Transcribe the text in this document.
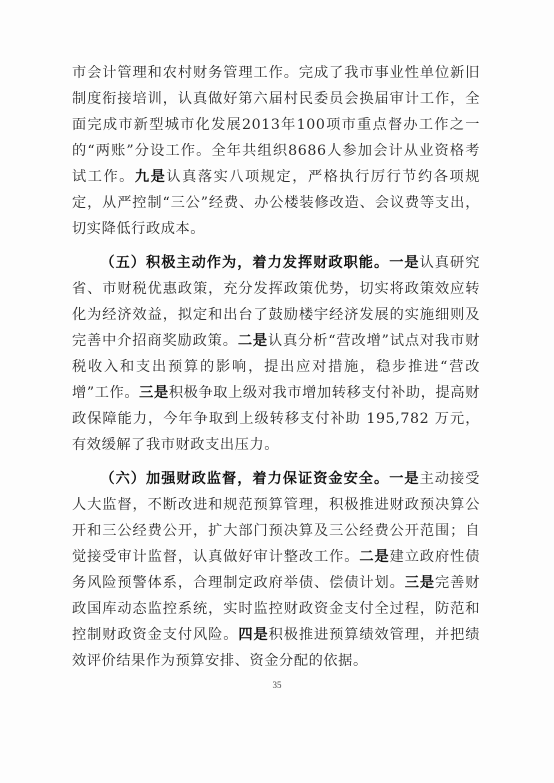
市会计管理和农村财务管理工作。完成了我市事业性单位新旧制度衔接培训，认真做好第六届村民委员会换届审计工作，全面完成市新型城市化发展2013年100项市重点督办工作之一的“两账”分设工作。全年共组织8686人参加会计从业资格考试工作。九是认真落实八项规定，严格执行厉行节约各项规定，从严控制“三公”经费、办公楼装修改造、会议费等支出，切实降低行政成本。

（五）积极主动作为，着力发挥财政职能。一是认真研究省、市财税优惠政策，充分发挥政策优势，切实将政策效应转化为经济效益，拟定和出台了鼓励楼宇经济发展的实施细则及完善中介招商奖励政策。二是认真分析“营改增”试点对我市财税收入和支出预算的影响，提出应对措施，稳步推进“营改增”工作。三是积极争取上级对我市增加转移支付补助，提高财政保障能力，今年争取到上级转移支付补助 195,782 万元，有效缓解了我市财政支出压力。

（六）加强财政监督，着力保证资金安全。一是主动接受人大监督，不断改进和规范预算管理，积极推进财政预决算公开和三公经费公开，扩大部门预决算及三公经费公开范围；自觉接受审计监督，认真做好审计整改工作。二是建立政府性债务风险预警体系，合理制定政府举债、偿债计划。三是完善财政国库动态监控系统，实时监控财政资金支付全过程，防范和控制财政资金支付风险。四是积极推进预算绩效管理，并把绩效评价结果作为预算安排、资金分配的依据。

35
